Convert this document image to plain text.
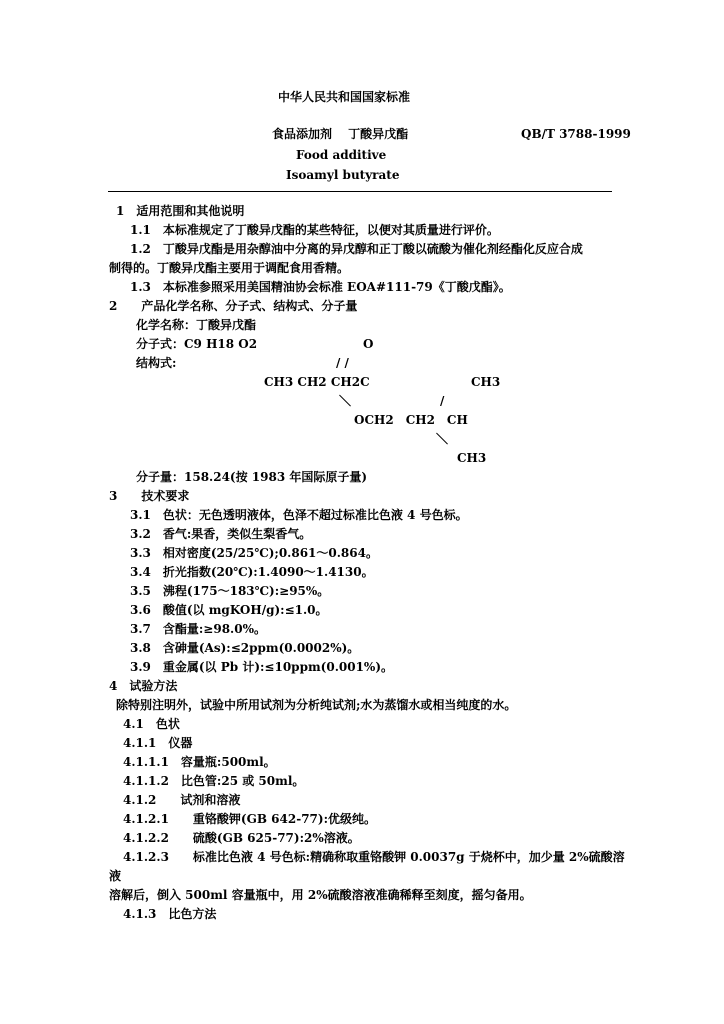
中华人民共和国国家标准
食品添加剂　 丁酸异戊酯	QB/T 3788-1999
Food additive
Isoamyl butyrate
1　适用范围和其他说明
1.1　本标准规定了丁酸异戊酯的某些特征，以便对其质量进行评价。
1.2　丁酸异戊酯是用杂醇油中分离的异戊醇和正丁酸以硫酸为催化剂经酯化反应合成
制得的。丁酸异戊酯主要用于调配食用香精。
1.3　本标准参照采用美国精油协会标准 EOA#111-79《丁酸戊酯》。
2　　产品化学名称、分子式、结构式、分子量
化学名称：丁酸异戊酯
分子式：C9 H18 O2	O
结构式:	/ /
CH3 CH2 CH2C	CH3
＼	/
OCH2　CH2　CH
＼
CH3
分子量：158.24(按 1983 年国际原子量)
3　　技术要求
3.1　色状：无色透明液体，色泽不超过标准比色液 4 号色标。
3.2　香气:果香，类似生梨香气。
3.3　相对密度(25/25℃);0.861～0.864。
3.4　折光指数(20℃):1.4090～1.4130。
3.5　沸程(175～183℃):≥95%。
3.6　酸值(以 mgKOH/g):≤1.0。
3.7　含酯量:≥98.0%。
3.8　含砷量(As):≤2ppm(0.0002%)。
3.9　重金属(以 Pb 计):≤10ppm(0.001%)。
4　试验方法
除特别注明外，试验中所用试剂为分析纯试剂;水为蒸馏水或相当纯度的水。
4.1　色状
4.1.1　仪器
4.1.1.1　容量瓶:500ml。
4.1.1.2　比色管:25 或 50ml。
4.1.2　　试剂和溶液
4.1.2.1　　重铬酸钾(GB 642-77):优级纯。
4.1.2.2　　硫酸(GB 625-77):2%溶液。
4.1.2.3　　标准比色液 4 号色标:精确称取重铬酸钾 0.0037g 于烧杯中，加少量 2%硫酸溶
液
溶解后，倒入 500ml 容量瓶中，用 2%硫酸溶液准确稀释至刻度，摇匀备用。
4.1.3　比色方法
